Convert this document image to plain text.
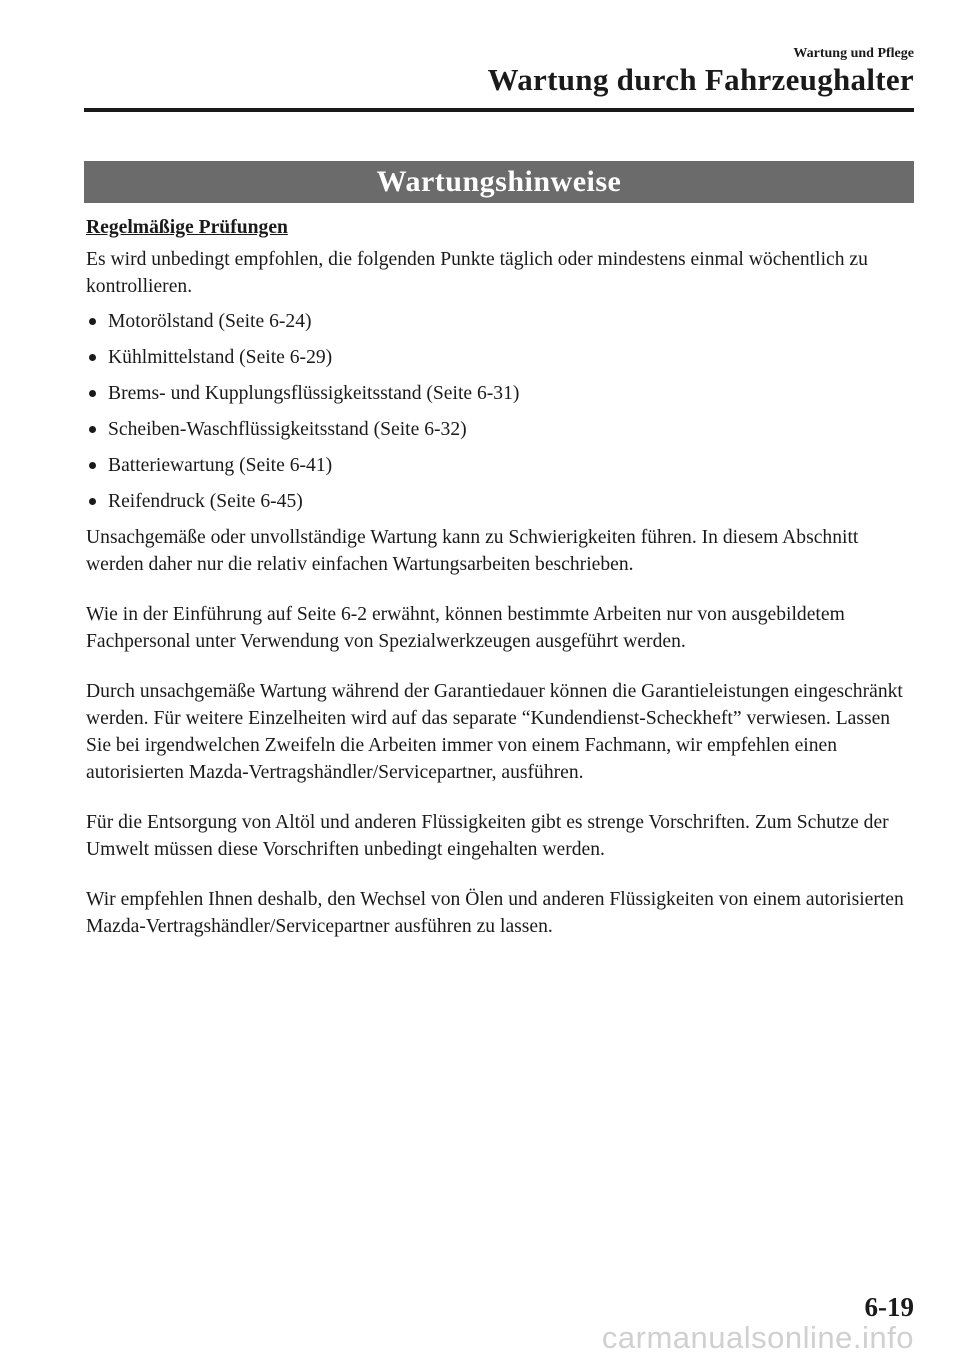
Wartung und Pflege
Wartung durch Fahrzeughalter
Wartungshinweise
Regelmäßige Prüfungen

Es wird unbedingt empfohlen, die folgenden Punkte täglich oder mindestens einmal wöchentlich zu kontrollieren.

Motorölstand (Seite 6-24)
Kühlmittelstand (Seite 6-29)
Brems- und Kupplungsflüssigkeitsstand (Seite 6-31)
Scheiben-Waschflüssigkeitsstand (Seite 6-32)
Batteriewartung (Seite 6-41)
Reifendruck (Seite 6-45)

Unsachgemäße oder unvollständige Wartung kann zu Schwierigkeiten führen. In diesem Abschnitt werden daher nur die relativ einfachen Wartungsarbeiten beschrieben.

Wie in der Einführung auf Seite 6-2 erwähnt, können bestimmte Arbeiten nur von ausgebildetem Fachpersonal unter Verwendung von Spezialwerkzeugen ausgeführt werden.

Durch unsachgemäße Wartung während der Garantiedauer können die Garantieleistungen eingeschränkt werden. Für weitere Einzelheiten wird auf das separate “Kundendienst-Scheckheft” verwiesen. Lassen Sie bei irgendwelchen Zweifeln die Arbeiten immer von einem Fachmann, wir empfehlen einen autorisierten Mazda-Vertragshändler/Servicepartner, ausführen.

Für die Entsorgung von Altöl und anderen Flüssigkeiten gibt es strenge Vorschriften. Zum Schutze der Umwelt müssen diese Vorschriften unbedingt eingehalten werden.

Wir empfehlen Ihnen deshalb, den Wechsel von Ölen und anderen Flüssigkeiten von einem autorisierten Mazda-Vertragshändler/Servicepartner ausführen zu lassen.

6-19
carmanualsonline.info
